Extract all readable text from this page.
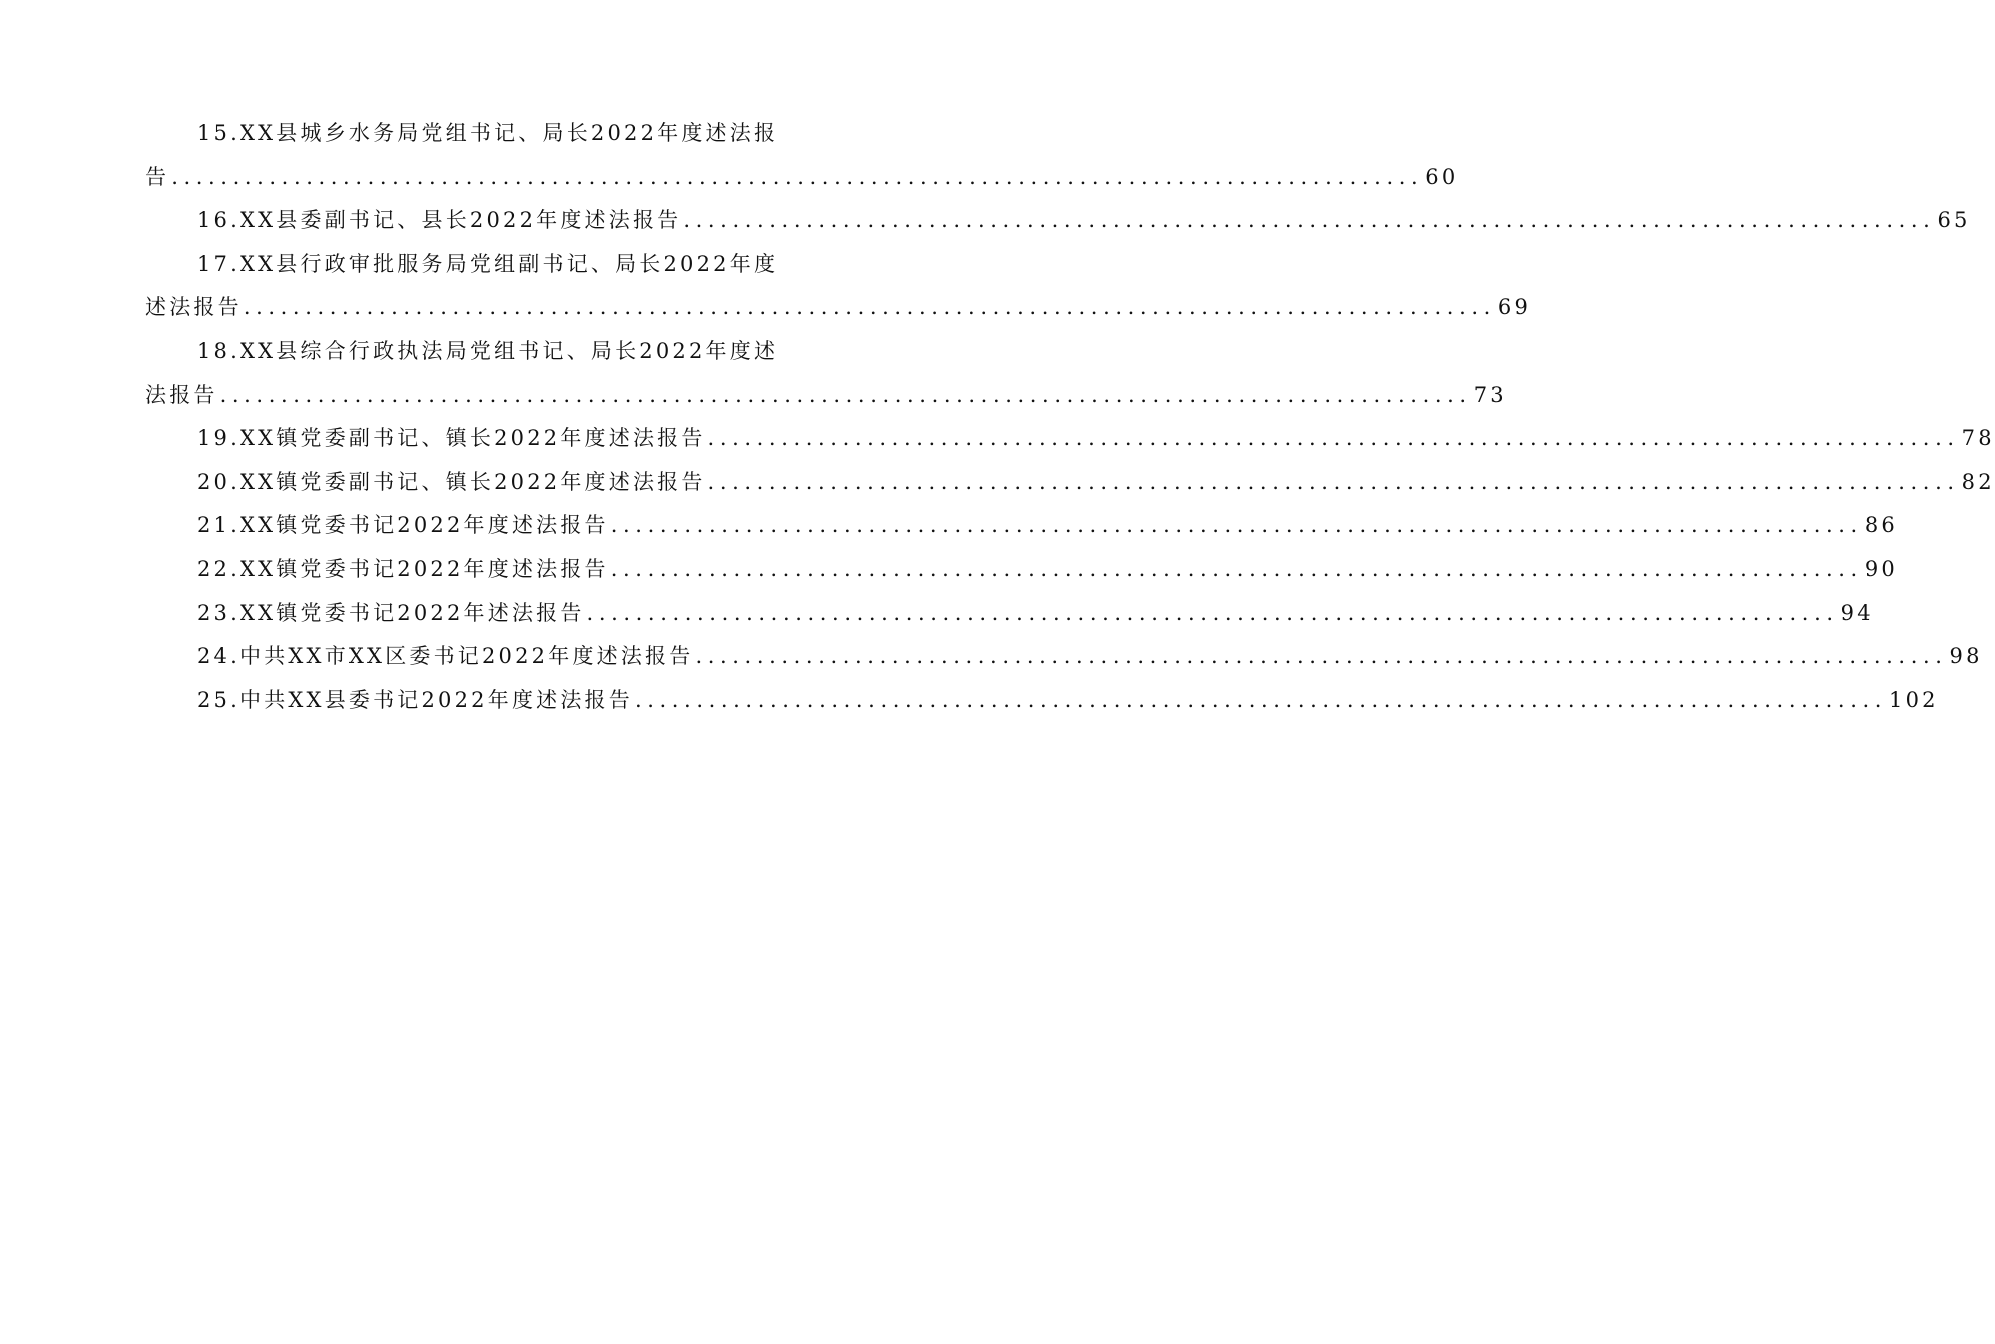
15.XX县城乡水务局党组书记、局长2022年度述法报
告 ...................................................................................................... 60
16.XX县委副书记、县长2022年度述法报告 ...................................................................................................... 65
17.XX县行政审批服务局党组副书记、局长2022年度
述法报告 ...................................................................................................... 69
18.XX县综合行政执法局党组书记、局长2022年度述
法报告 ...................................................................................................... 73
19.XX镇党委副书记、镇长2022年度述法报告 ...................................................................................................... 78
20.XX镇党委副书记、镇长2022年度述法报告 ...................................................................................................... 82
21.XX镇党委书记2022年度述法报告 ...................................................................................................... 86
22.XX镇党委书记2022年度述法报告 ...................................................................................................... 90
23.XX镇党委书记2022年述法报告 ...................................................................................................... 94
24.中共XX市XX区委书记2022年度述法报告 ...................................................................................................... 98
25.中共XX县委书记2022年度述法报告 ...................................................................................................... 102
